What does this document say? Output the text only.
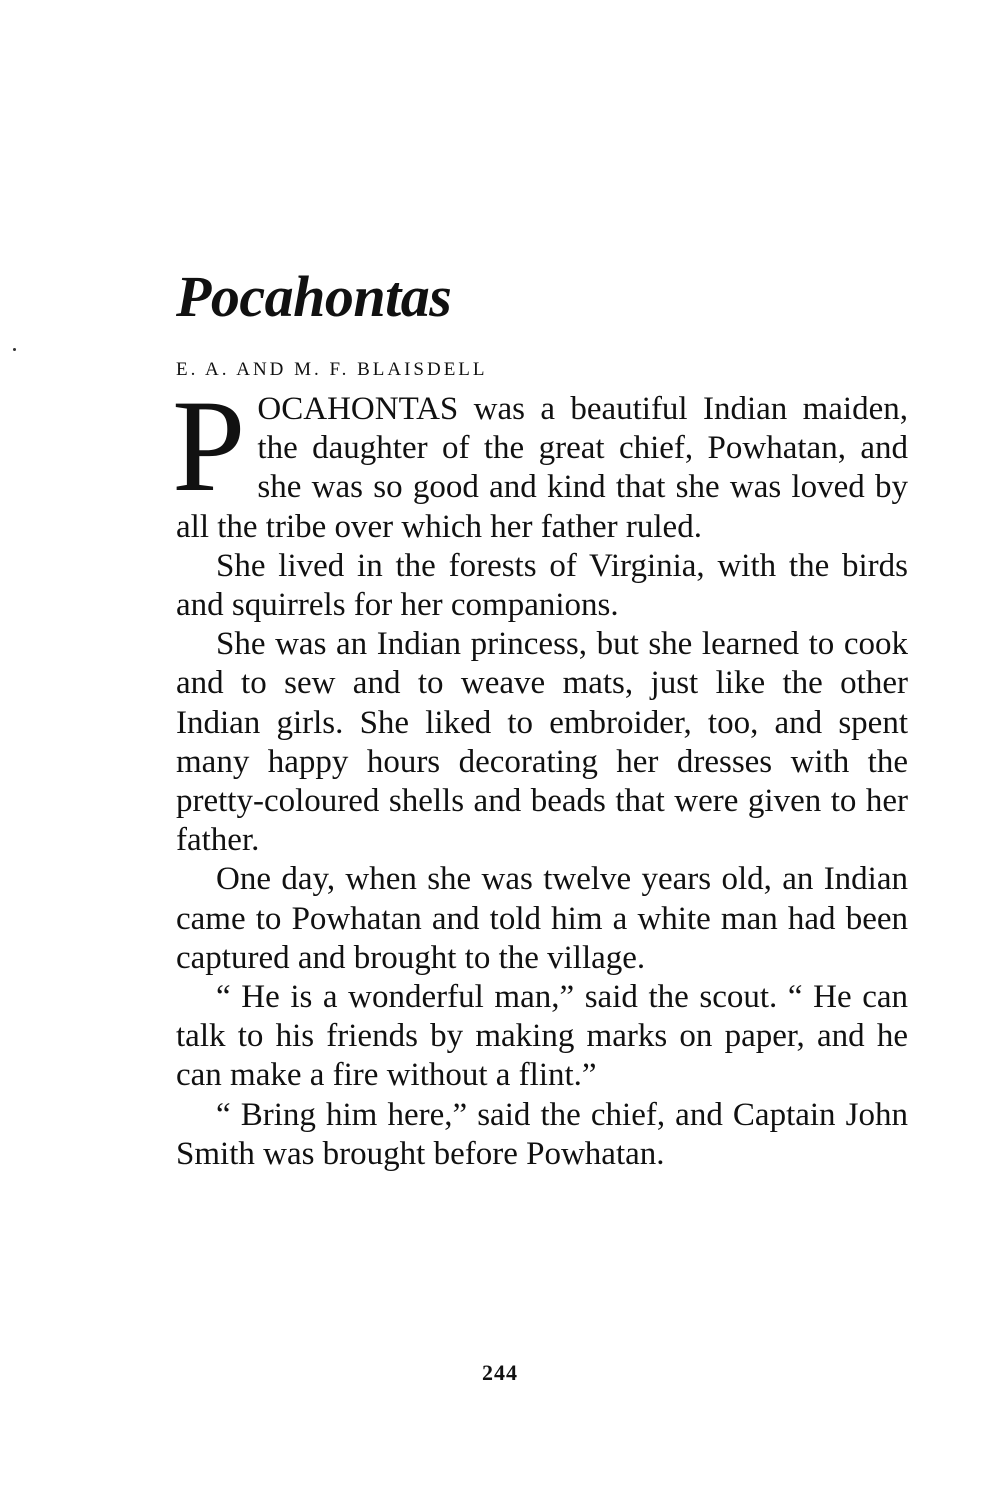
Pocahontas
E. A. AND M. F. BLAISDELL

POCAHONTAS was a beautiful Indian maiden, the daughter of the great chief, Powhatan, and she was so good and kind that she was loved by all the tribe over which her father ruled.

She lived in the forests of Virginia, with the birds and squirrels for her companions.

She was an Indian princess, but she learned to cook and to sew and to weave mats, just like the other Indian girls. She liked to embroider, too, and spent many happy hours decorating her dresses with the pretty-coloured shells and beads that were given to her father.

One day, when she was twelve years old, an Indian came to Powhatan and told him a white man had been captured and brought to the village.

“ He is a wonderful man,” said the scout. “ He can talk to his friends by making marks on paper, and he can make a fire without a flint.”

“ Bring him here,” said the chief, and Captain John Smith was brought before Powhatan.

244
